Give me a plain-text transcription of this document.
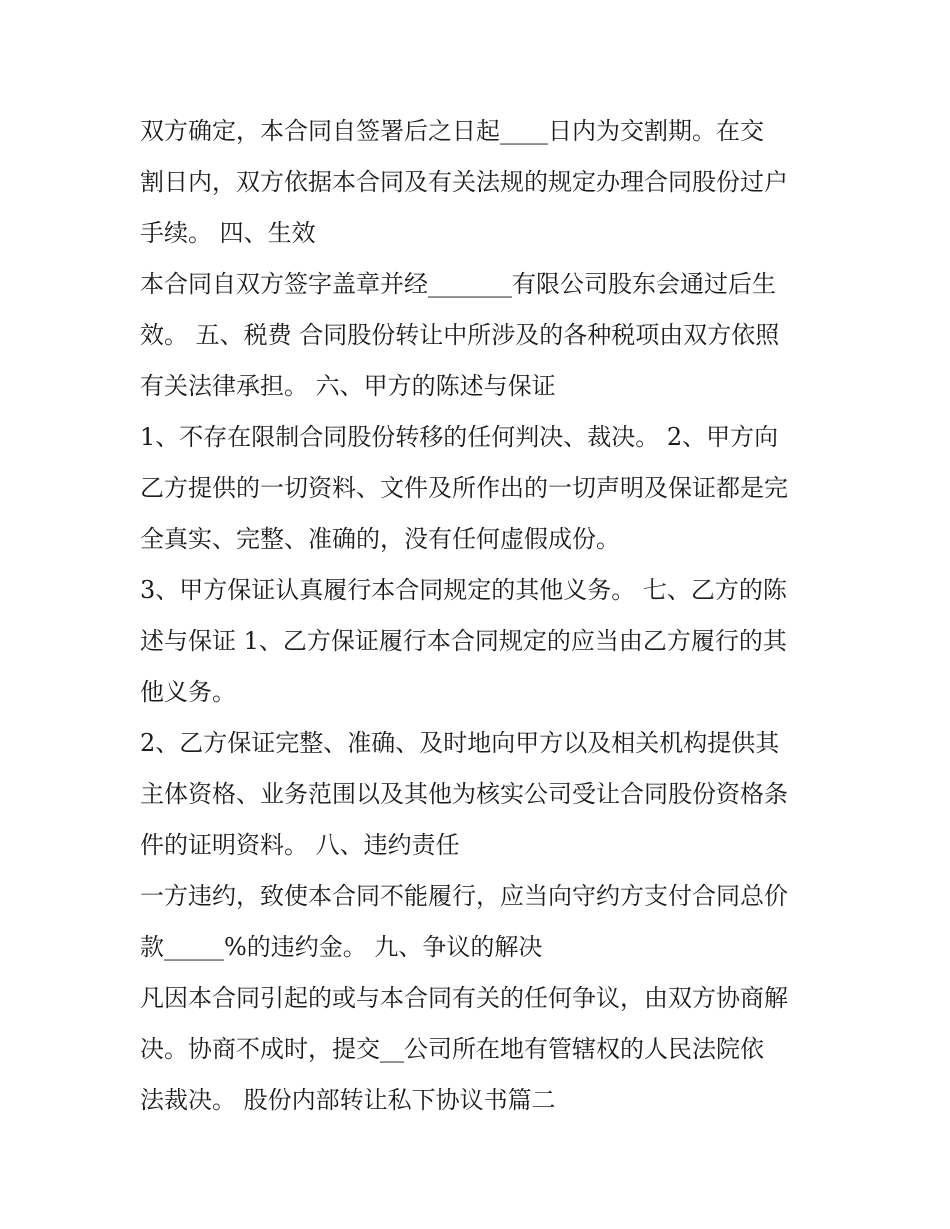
双方确定，本合同自签署后之日起____日内为交割期。在交
割日内，双方依据本合同及有关法规的规定办理合同股份过户
手续。 四、生效
本合同自双方签字盖章并经_______有限公司股东会通过后生
效。 五、税费 合同股份转让中所涉及的各种税项由双方依照
有关法律承担。 六、甲方的陈述与保证
1、不存在限制合同股份转移的任何判决、裁决。 2、甲方向
乙方提供的一切资料、文件及所作出的一切声明及保证都是完
全真实、完整、准确的，没有任何虚假成份。
3、甲方保证认真履行本合同规定的其他义务。 七、乙方的陈
述与保证 1、乙方保证履行本合同规定的应当由乙方履行的其
他义务。
2、乙方保证完整、准确、及时地向甲方以及相关机构提供其
主体资格、业务范围以及其他为核实公司受让合同股份资格条
件的证明资料。 八、违约责任
一方违约，致使本合同不能履行，应当向守约方支付合同总价
款_____%的违约金。 九、争议的解决
凡因本合同引起的或与本合同有关的任何争议，由双方协商解
决。协商不成时，提交__公司所在地有管辖权的人民法院依
法裁决。 股份内部转让私下协议书篇二
